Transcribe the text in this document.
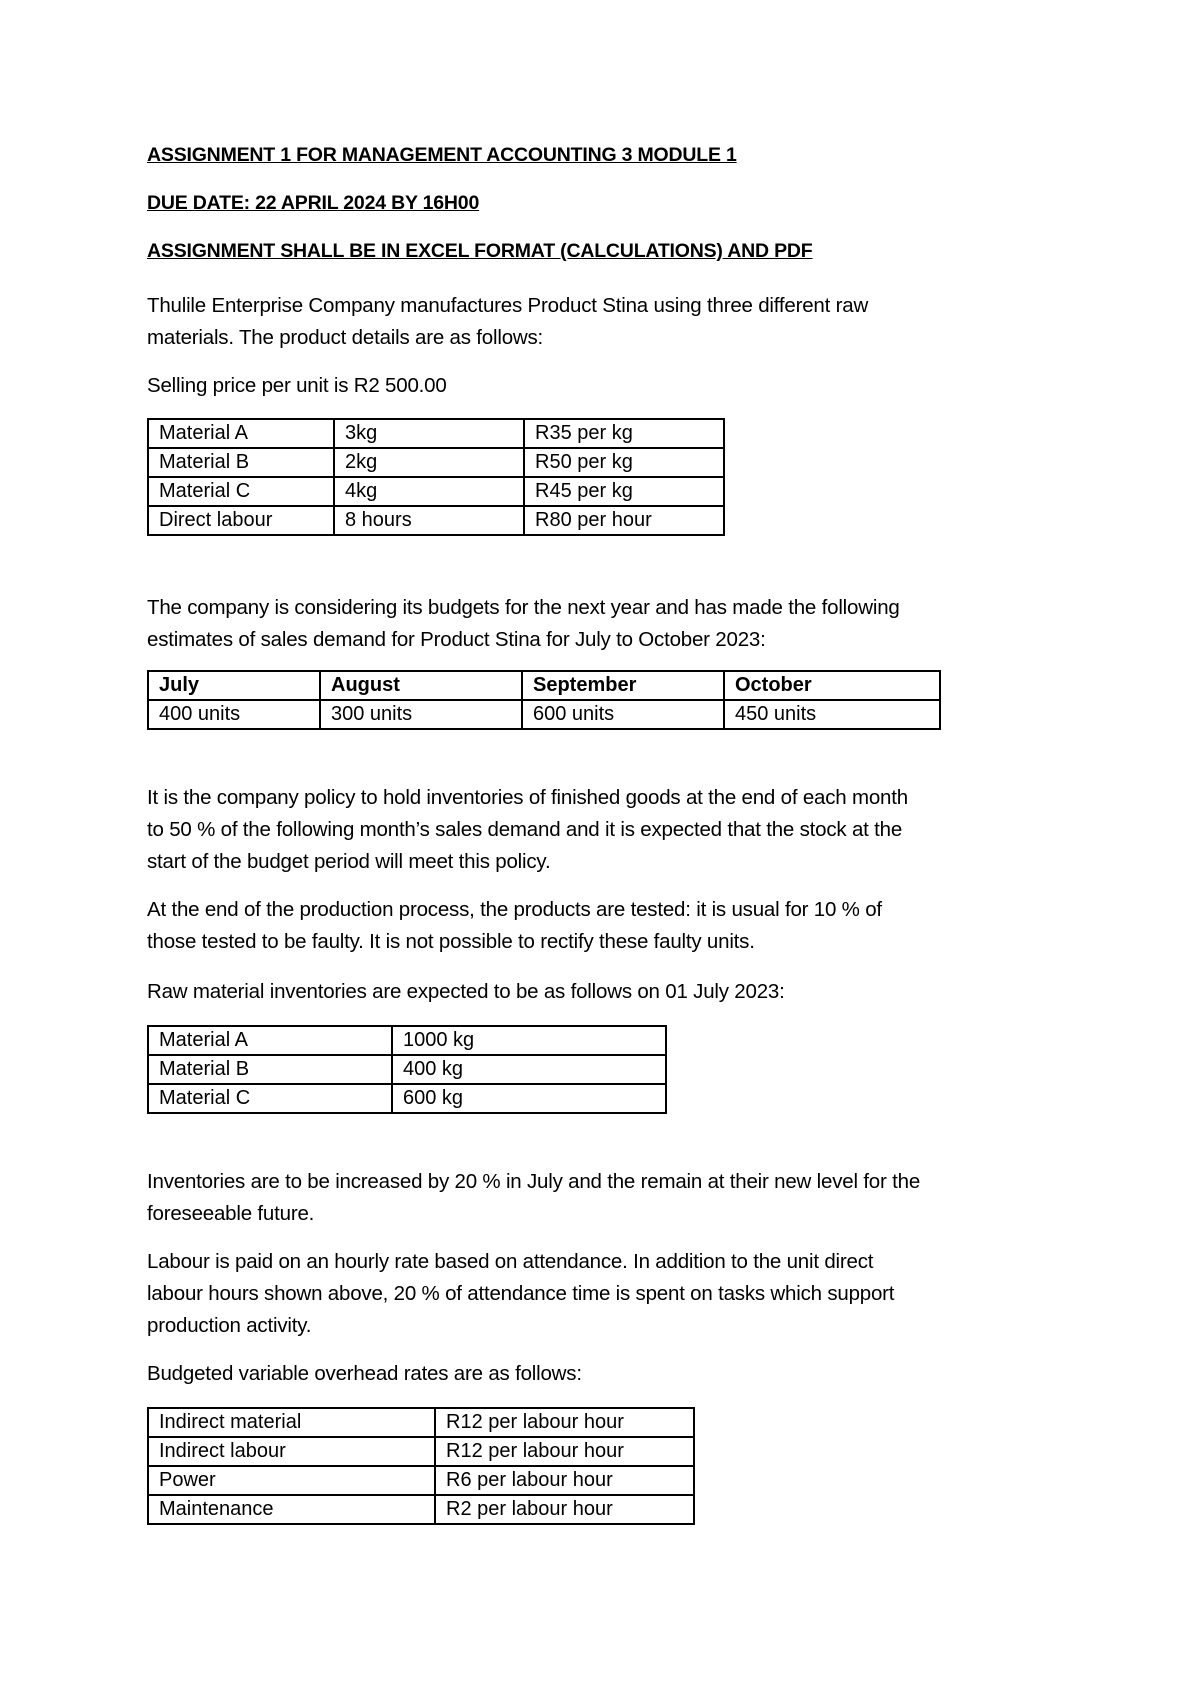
ASSIGNMENT 1 FOR MANAGEMENT ACCOUNTING 3 MODULE 1

DUE DATE: 22 APRIL 2024 BY 16H00

ASSIGNMENT SHALL BE IN EXCEL FORMAT (CALCULATIONS) AND PDF

Thulile Enterprise Company manufactures Product Stina using three different raw
materials. The product details are as follows:

Selling price per unit is R2 500.00

Material A	3kg	R35 per kg
Material B	2kg	R50 per kg
Material C	4kg	R45 per kg
Direct labour	8 hours	R80 per hour

The company is considering its budgets for the next year and has made the following
estimates of sales demand for Product Stina for July to October 2023:

July	August	September	October
400 units	300 units	600 units	450 units

It is the company policy to hold inventories of finished goods at the end of each month
to 50 % of the following month’s sales demand and it is expected that the stock at the
start of the budget period will meet this policy.

At the end of the production process, the products are tested: it is usual for 10 % of
those tested to be faulty. It is not possible to rectify these faulty units.

Raw material inventories are expected to be as follows on 01 July 2023:

Material A	1000 kg
Material B	400 kg
Material C	600 kg

Inventories are to be increased by 20 % in July and the remain at their new level for the
foreseeable future.

Labour is paid on an hourly rate based on attendance. In addition to the unit direct
labour hours shown above, 20 % of attendance time is spent on tasks which support
production activity.

Budgeted variable overhead rates are as follows:

Indirect material	R12 per labour hour
Indirect labour	R12 per labour hour
Power	R6 per labour hour
Maintenance	R2 per labour hour
